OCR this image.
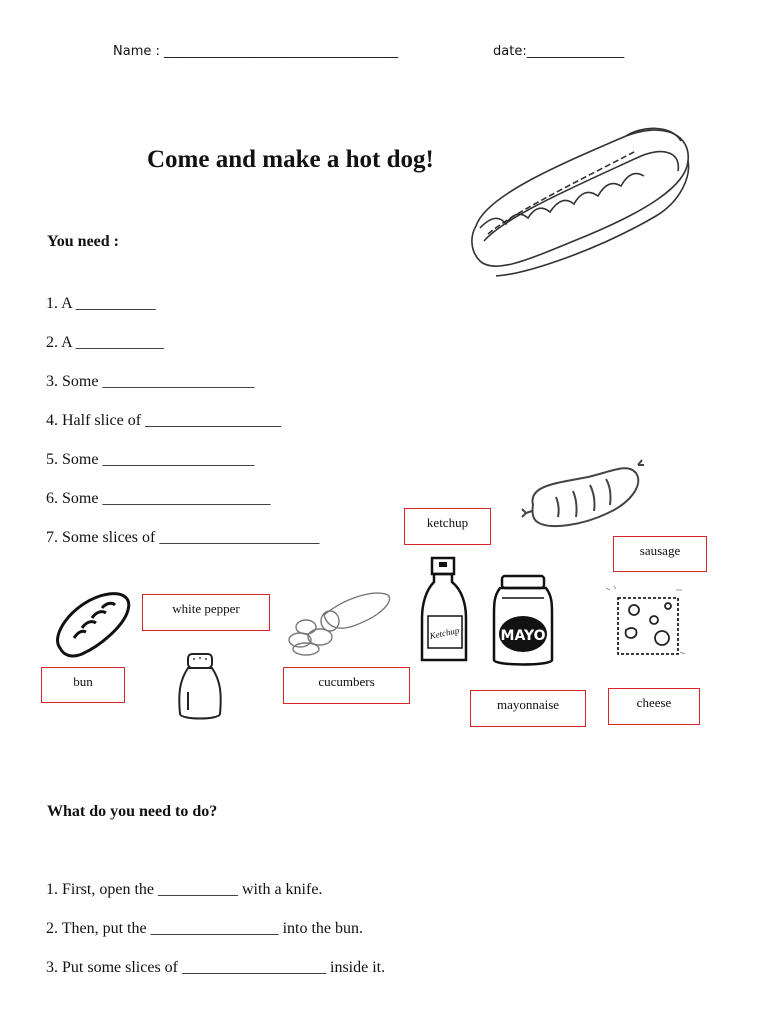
Name : ____________________________________	date:_______________
Come and make a hot dog!
You need :
1. A __________
2. A ___________
3. Some ___________________
4. Half slice of _________________
5. Some ___________________
6. Some _____________________
7. Some slices of ____________________
ketchup
sausage
white pepper
bun	cucumbers
mayonnaise	cheese
Ketchup	MAYO
What do you need to do?
1. First, open the __________ with a knife.
2. Then, put the ________________ into the bun.
3. Put some slices of __________________ inside it.
